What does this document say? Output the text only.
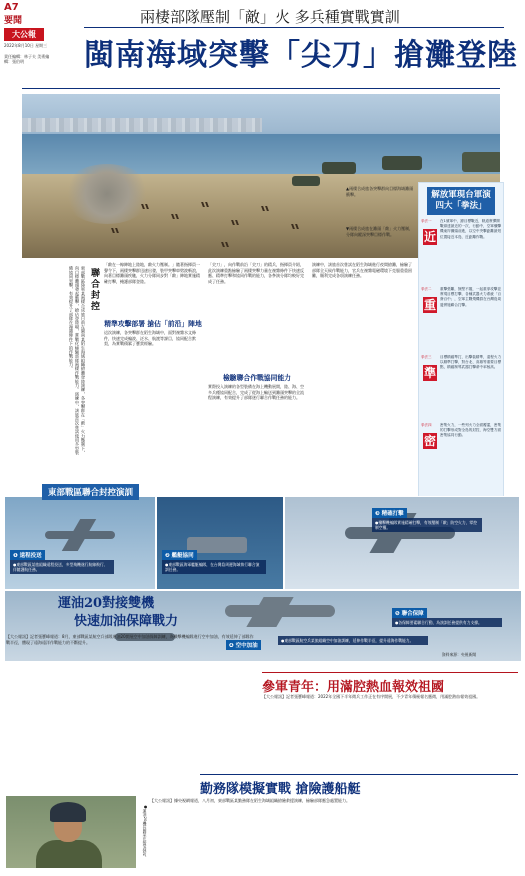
A7
要聞
大公報
2022年8月10日 星期三
責任編輯：林子夫 美術編輯：張伯明
兩棲部隊壓制「敵」火 多兵種實戰實訓
閩南海域突擊「尖刀」搶灘登陸
▲兩棲合成旅各突擊群向目標海域灘頭衝擊。
▼兩棲合成旅在灘頭「敵」火力壓制，分隊向縱深突擊目標作戰。
解放軍現台軍演
四大「拳法」
拳法一
近
在1號軍中，據目標戰近，軌道實彈開戰兩達最近的一次，行動中，空軍殲擊機東岸灘頭前進，以空中突擊距離最短位置接近本島，近距離作戰。
拳法二
重
重擊張離，無堅不摧，一起重拳攻擊並實現目標打擊，各種武器火力系統「百發百中」，空軍主戰飛機群在台灣島周邊實施聯合打擊。
拳法三
準
目標精確準打，出擊裝精準，遠程火力以精準打擊，對台北、高雄等重要目標點，精確制導武器打擊命中率極高。
拳法四
密
密集火力，一些列火力全面覆蓋，密集的打擊形成對全島的封控，海空雙方面密集協同行動。
東部戰區陸軍某兩棲合成旅日前在閩南某陌生海域組織搶灘登陸演練，各突擊群在「敵」火力壓制下，向目標灘頭發起衝擊，搶佔登陸場，實戰化檢驗部隊兩棲作戰能力。演練中，該旅首次嘗試使用多型裝備協同突擊，有效提升了部隊在複雜條件下的作戰能力。	聯合封控
「敵在一線陣地上陸地，敵火力壓制。」隨著指揮員一聲令下，兩棲突擊群迅速出發，裝甲突擊車劈波斬浪，向著目標灘頭疾馳，火力分隊同步對「敵」陣地實施精確打擊，掩護部隊登陸。
精準攻擊部署 搶佔「前沿」陣地
這次演練，各突擊群在陌生海域中，面對複雜水文條件，快速完成編波、泛水、航渡等課目，協同配合默契，為實戰積累了寶貴經驗。
「尖刀」，向作戰前沿「尖刀」的精兵，指揮員介紹，此次演練重點檢驗了兩棲突擊力量在複雜條件下快速反應、精準打擊和協同作戰的能力，各參演分隊均較好完成了任務。
檢驗聯合作戰協同能力
實際投入演練的各型裝備在海上機動展開，陸、海、空多兵種協同配合，完成了從海上輸送到灘頭突擊的全流程演練，有效提升了部隊遂行聯合作戰任務的能力。
演練中，該旅首次嘗試在陌生海域進行夜間搶灘，檢驗了部隊全天候作戰能力，官兵在複雜電磁環境下克服重重困難，順利完成各項演練任務。
❶ 遠程投送
●東部戰區某旅組織遠程投送，多型飛機遂行航線飛行、伴隨護航任務。
❷ 艦艇協同
●東部戰區海軍艦艇編隊，在台灣島周邊海域執行聯合演訓任務。
❸ 精確打擊
●殲擊機編隊實施精確打擊，有效壓制「敵」防空火力，掌控制空權。
❹ 空中加油
●東部戰區航空兵某旅組織空中加油訓練，延伸作戰半徑，提升遠海作戰能力。
❺ 聯合保障
●各保障要素聯合行動，為演訓任務提供有力支撐。
資料來源：央視新聞
東部戰區聯合封控演訓
運油20對接雙機
快速加油保障戰力
【大公報訊】記者張寶峰報道：8月，東部戰區某航空兵部隊運油20開展空中加油保障訓練，為殲擊機編隊進行空中加油，有效延伸了部隊作戰半徑，體現了遠海遠洋作戰能力的不斷提升。
參軍青年：用滿腔熱血報效祖國
【大公報訊】記者張寶峰報道：2022年全國下半年徵兵工作正在有序開展，不少青年積極報名應徵，用滿腔熱血報效祖國。
勤務隊模擬實戰 搶險護船艇
【大公報訊】據央視網報道，八月初，東部戰區某勤務隊在陌生海域組織搶險救援演練，檢驗部隊應急處置能力。
●運油20機長劉某在接受採訪。
